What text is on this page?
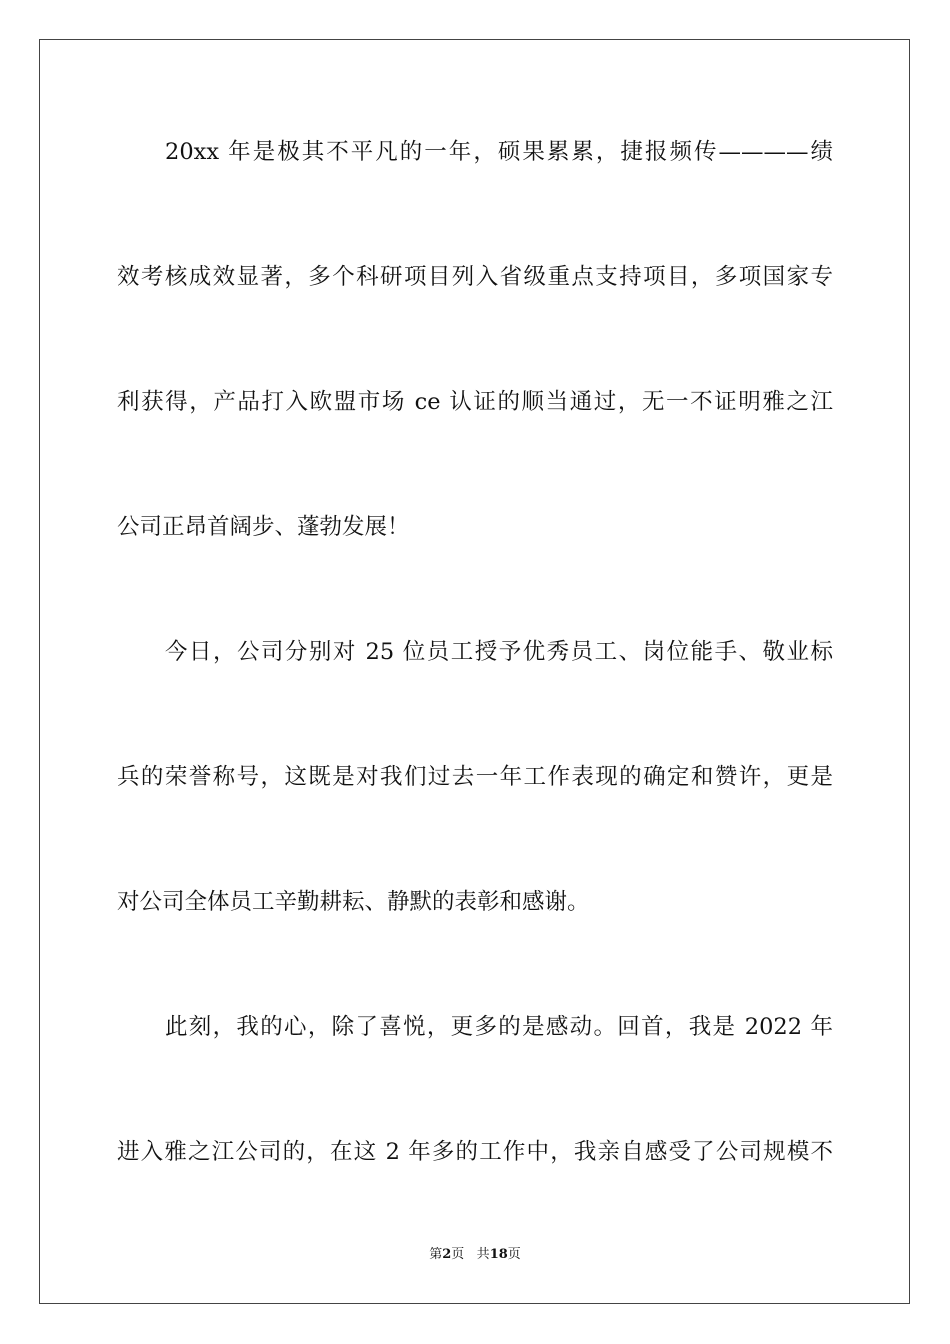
20xx 年是极其不平凡的一年，硕果累累，捷报频传————绩
效考核成效显著，多个科研项目列入省级重点支持项目，多项国家专
利获得，产品打入欧盟市场 ce 认证的顺当通过，无一不证明雅之江
公司正昂首阔步、蓬勃发展！
今日，公司分别对 25 位员工授予优秀员工、岗位能手、敬业标
兵的荣誉称号，这既是对我们过去一年工作表现的确定和赞许，更是
对公司全体员工辛勤耕耘、静默的表彰和感谢。
此刻，我的心，除了喜悦，更多的是感动。回首，我是 2022 年
进入雅之江公司的，在这 2 年多的工作中，我亲自感受了公司规模不
第2页 共18页
